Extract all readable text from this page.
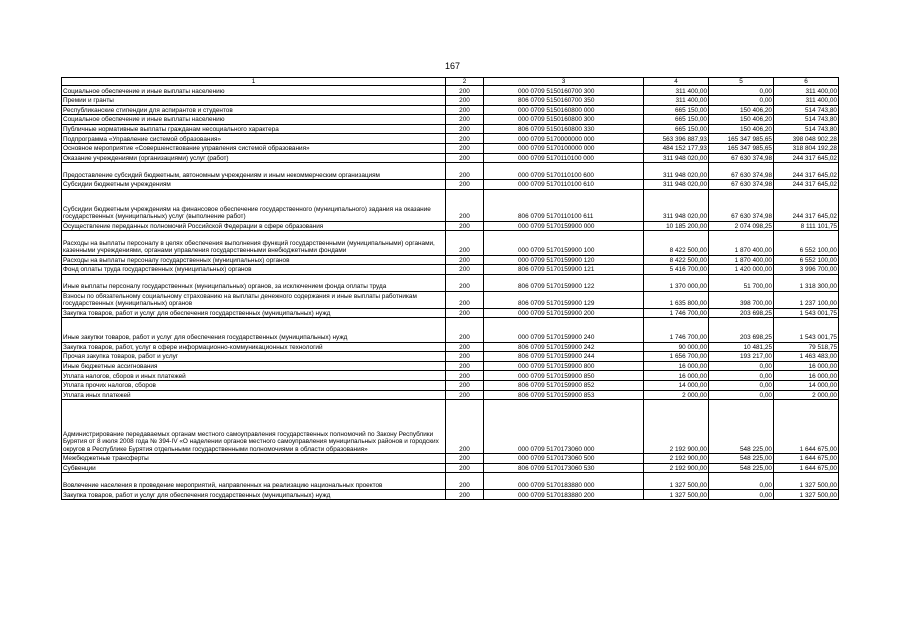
167
1	2	3	4	5	6
Социальное обеспечение и иные выплаты населению	200	000 0709 5150160700 300	311 400,00	0,00	311 400,00
Премии и гранты	200	806 0709 5150160700 350	311 400,00	0,00	311 400,00
Республиканские стипендии для аспирантов и студентов	200	000 0709 5150160800 000	665 150,00	150 406,20	514 743,80
Социальное обеспечение и иные выплаты населению	200	000 0709 5150160800 300	665 150,00	150 406,20	514 743,80
Публичные нормативные выплаты гражданам несоциального характера	200	806 0709 5150160800 330	665 150,00	150 406,20	514 743,80
Подпрограмма «Управление системой образования»	200	000 0709 5170000000 000	563 396 887,93	165 347 985,65	398 048 902,28
Основное мероприятие «Совершенствование управления системой образования»	200	000 0709 5170100000 000	484 152 177,93	165 347 985,65	318 804 192,28
Оказание учреждениями (организациями) услуг (работ)	200	000 0709 5170110100 000	311 948 020,00	67 630 374,98	244 317 645,02
Предоставление субсидий бюджетным, автономным учреждениям и иным некоммерческим организациям	200	000 0709 5170110100 600	311 948 020,00	67 630 374,98	244 317 645,02
Субсидии бюджетным учреждениям	200	000 0709 5170110100 610	311 948 020,00	67 630 374,98	244 317 645,02
Субсидии бюджетным учреждениям на финансовое обеспечение государственного (муниципального) задания на оказание государственных (муниципальных) услуг (выполнение работ)	200	806 0709 5170110100 611	311 948 020,00	67 630 374,98	244 317 645,02
Осуществление переданных полномочий Российской Федерации в сфере образования	200	000 0709 5170159900 000	10 185 200,00	2 074 098,25	8 111 101,75
Расходы на выплаты персоналу в целях обеспечения выполнения функций государственными (муниципальными) органами, казенными учреждениями, органами управления государственными внебюджетными фондами	200	000 0709 5170159900 100	8 422 500,00	1 870 400,00	6 552 100,00
Расходы на выплаты персоналу государственных (муниципальных) органов	200	000 0709 5170159900 120	8 422 500,00	1 870 400,00	6 552 100,00
Фонд оплаты труда государственных (муниципальных) органов	200	806 0709 5170159900 121	5 416 700,00	1 420 000,00	3 996 700,00
Иные выплаты персоналу государственных (муниципальных) органов, за исключением фонда оплаты труда	200	806 0709 5170159900 122	1 370 000,00	51 700,00	1 318 300,00
Взносы по обязательному социальному страхованию на выплаты денежного содержания и иные выплаты работникам государственных (муниципальных) органов	200	806 0709 5170159900 129	1 635 800,00	398 700,00	1 237 100,00
Закупка товаров, работ и услуг для обеспечения государственных (муниципальных) нужд	200	000 0709 5170159900 200	1 746 700,00	203 698,25	1 543 001,75
Иные закупки товаров, работ и услуг для обеспечения государственных (муниципальных) нужд	200	000 0709 5170159900 240	1 746 700,00	203 698,25	1 543 001,75
Закупка товаров, работ, услуг в сфере информационно-коммуникационных технологий	200	806 0709 5170159900 242	90 000,00	10 481,25	79 518,75
Прочая закупка товаров, работ и услуг	200	806 0709 5170159900 244	1 656 700,00	193 217,00	1 463 483,00
Иные бюджетные ассигнования	200	000 0709 5170159900 800	16 000,00	0,00	16 000,00
Уплата налогов, сборов и иных платежей	200	000 0709 5170159900 850	16 000,00	0,00	16 000,00
Уплата прочих налогов, сборов	200	806 0709 5170159900 852	14 000,00	0,00	14 000,00
Уплата иных платежей	200	806 0709 5170159900 853	2 000,00	0,00	2 000,00
Администрирование передаваемых органам местного самоуправления государственных полномочий по Закону Республики Бурятия от 8 июля 2008 года № 394-IV «О наделении органов местного самоуправления муниципальных районов и городских округов в Республике Бурятия отдельными государственными полномочиями в области образования»	200	000 0709 5170173060 000	2 192 900,00	548 225,00	1 644 675,00
Межбюджетные трансферты	200	000 0709 5170173060 500	2 192 900,00	548 225,00	1 644 675,00
Субвенции	200	806 0709 5170173060 530	2 192 900,00	548 225,00	1 644 675,00
Вовлечение населения в проведение мероприятий, направленных на реализацию национальных проектов	200	000 0709 5170183880 000	1 327 500,00	0,00	1 327 500,00
Закупка товаров, работ и услуг для обеспечения государственных (муниципальных) нужд	200	000 0709 5170183880 200	1 327 500,00	0,00	1 327 500,00
